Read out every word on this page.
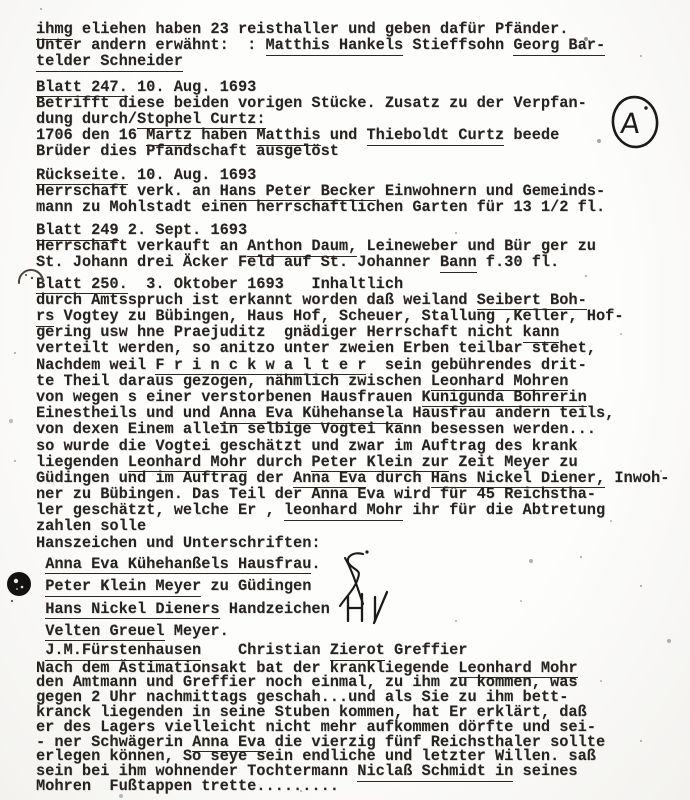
ihmg eliehen haben 23 reisthaller und geben dafür Pfänder.
Unter andern erwähnt:  : Matthis Hankels Stieffsohn Georg Bar-
telder Schneider
Blatt 247. 10. Aug. 1693
Betrifft diese beiden vorigen Stücke. Zusatz zu der Verpfan-
dung durch/Stophel Curtz:
1706 den 16 Martz haben Matthis und Thieboldt Curtz beede
Brüder dies Pfandschaft ausgelöst
Rückseite. 10. Aug. 1693
Herrschaft verk. an Hans Peter Becker Einwohnern und Gemeinds-
mann zu Mohlstadt einen herrschaftlichen Garten für 13 1/2 fl.
Blatt 249 2. Sept. 1693
Herrschaft verkauft an Anthon Daum, Leineweber und Bür ger zu
St. Johann drei Äcker Feld auf St. Johanner Bann f.30 fl.
Blatt 250.  3. Oktober 1693   Inhaltlich
durch Amtsspruch ist erkannt worden daß weiland Seibert Boh-
rs Vogtey zu Bübingen, Haus Hof, Scheuer, Stallung ,Keller, Hof-
gering usw hne Praejuditz  gnädiger Herrschaft nicht kann
verteilt werden, so anitzo unter zweien Erben teilbar stehet,
Nachdem weil F r i n c k w a l t e r  sein gebührendes drit-
te Theil daraus gezogen, nähmlich zwischen Leonhard Mohren
von wegen s einer verstorbenen Hausfrauen Kunigunda Bohrerin
Einestheils und und Anna Eva Kühehansela Hausfrau andern teils,
von dexen Einem allein selbige Vogtei kann besessen werden...
so wurde die Vogtei geschätzt und zwar im Auftrag des krank
liegenden Leonhard Mohr durch Peter Klein zur Zeit Meyer zu
Güdingen und im Auftrag der Anna Eva durch Hans Nickel Diener, Inwoh-
ner zu Bübingen. Das Teil der Anna Eva wird für 45 Reichstha-
ler geschätzt, welche Er , leonhard Mohr ihr für die Abtretung
zahlen solle
Hanszeichen und Unterschriften:
Anna Eva Kühehanßels Hausfrau.
Peter Klein Meyer zu Güdingen
Hans Nickel Dieners Handzeichen
Velten Greuel Meyer.
J.M.Fürstenhausen    Christian Zierot Greffier
Nach dem Ästimationsakt bat der krankliegende Leonhard Mohr
den Amtmann und Greffier noch einmal, zu ihm zu kommen, was
gegen 2 Uhr nachmittags geschah...und als Sie zu ihm bett-
kranck liegenden in seine Stuben kommen, hat Er erklärt, daß
er des Lagers vielleicht nicht mehr aufkommen dörfte und sei-
- ner Schwägerin Anna Eva die vierzig fünf Reichsthaler sollte
erlegen können, So seye sein endliche und letzter Willen. saß
sein bei ihm wohnender Tochtermann Niclaß Schmidt in seines
Mohren  Fußtappen trette.........
A
